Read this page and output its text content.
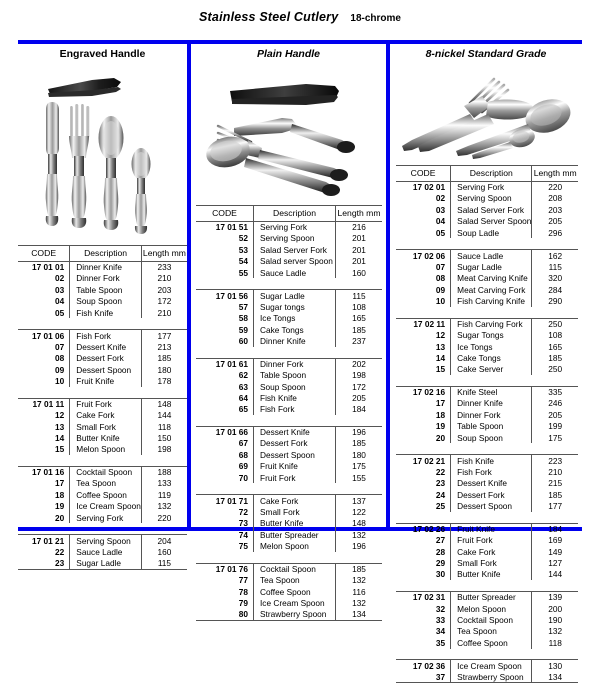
Stainless Steel Cutlery 18-chrome
Engraved Handle	Plain Handle	8-nickel Standard Grade
CODE	Description	Length mm
17 01 01	Dinner Knife	233
02	Dinner Fork	210
03	Table Spoon	203
04	Soup Spoon	172
05	Fish Knife	210

17 01 06	Fish Fork	177
07	Dessert Knife	213
08	Dessert Fork	185
09	Dessert Spoon	180
10	Fruit Knife	178

17 01 11	Fruit Fork	148
12	Cake Fork	144
13	Small Fork	118
14	Butter Knife	150
15	Melon Spoon	198

17 01 16	Cocktail Spoon	188
17	Tea Spoon	133
18	Coffee Spoon	119
19	Ice Cream Spoon	132
20	Serving Fork	220

17 01 21	Serving Spoon	204
22	Sauce Ladle	160
23	Sugar Ladle	115
CODE	Description	Length mm
17 01 51	Serving Fork	216
52	Serving Spoon	201
53	Salad Server Fork	201
54	Salad server Spoon	201
55	Sauce Ladle	160

17 01 56	Sugar Ladle	115
57	Sugar tongs	108
58	Ice Tongs	165
59	Cake Tongs	185
60	Dinner Knife	237

17 01 61	Dinner Fork	202
62	Table Spoon	198
63	Soup Spoon	172
64	Fish Knife	205
65	Fish Fork	184

17 01 66	Dessert Knife	196
67	Dessert Fork	185
68	Dessert Spoon	180
69	Fruit Knife	175
70	Fruit Fork	155

17 01 71	Cake Fork	137
72	Small Fork	122
73	Butter Knife	148
74	Butter Spreader	132
75	Melon Spoon	196

17 01 76	Cocktail Spoon	185
77	Tea Spoon	132
78	Coffee Spoon	116
79	Ice Cream Spoon	132
80	Strawberry Spoon	134
CODE	Description	Length mm
17 02 01	Serving Fork	220
02	Serving Spoon	208
03	Salad Server Fork	203
04	Salad Server Spoon	205
05	Soup Ladle	296

17 02 06	Sauce Ladle	162
07	Sugar Ladle	115
08	Meat Carving Knife	320
09	Meat Carving Fork	284
10	Fish Carving Knife	290

17 02 11	Fish Carving Fork	250
12	Sugar Tongs	108
13	Ice Tongs	165
14	Cake Tongs	185
15	Cake Server	250

17 02 16	Knife Steel	335
17	Dinner Knife	246
18	Dinner Fork	205
19	Table Spoon	199
20	Soup Spoon	175

17 02 21	Fish Knife	223
22	Fish Fork	210
23	Dessert Knife	215
24	Dessert Fork	185
25	Dessert Spoon	177

17 02 26	Fruit Knife	184
27	Fruit Fork	169
28	Cake Fork	149
29	Small Fork	127
30	Butter Knife	144

17 02 31	Butter Spreader	139
32	Melon Spoon	200
33	Cocktail Spoon	190
34	Tea Spoon	132
35	Coffee Spoon	118

17 02 36	Ice Cream Spoon	130
37	Strawberry Spoon	134
